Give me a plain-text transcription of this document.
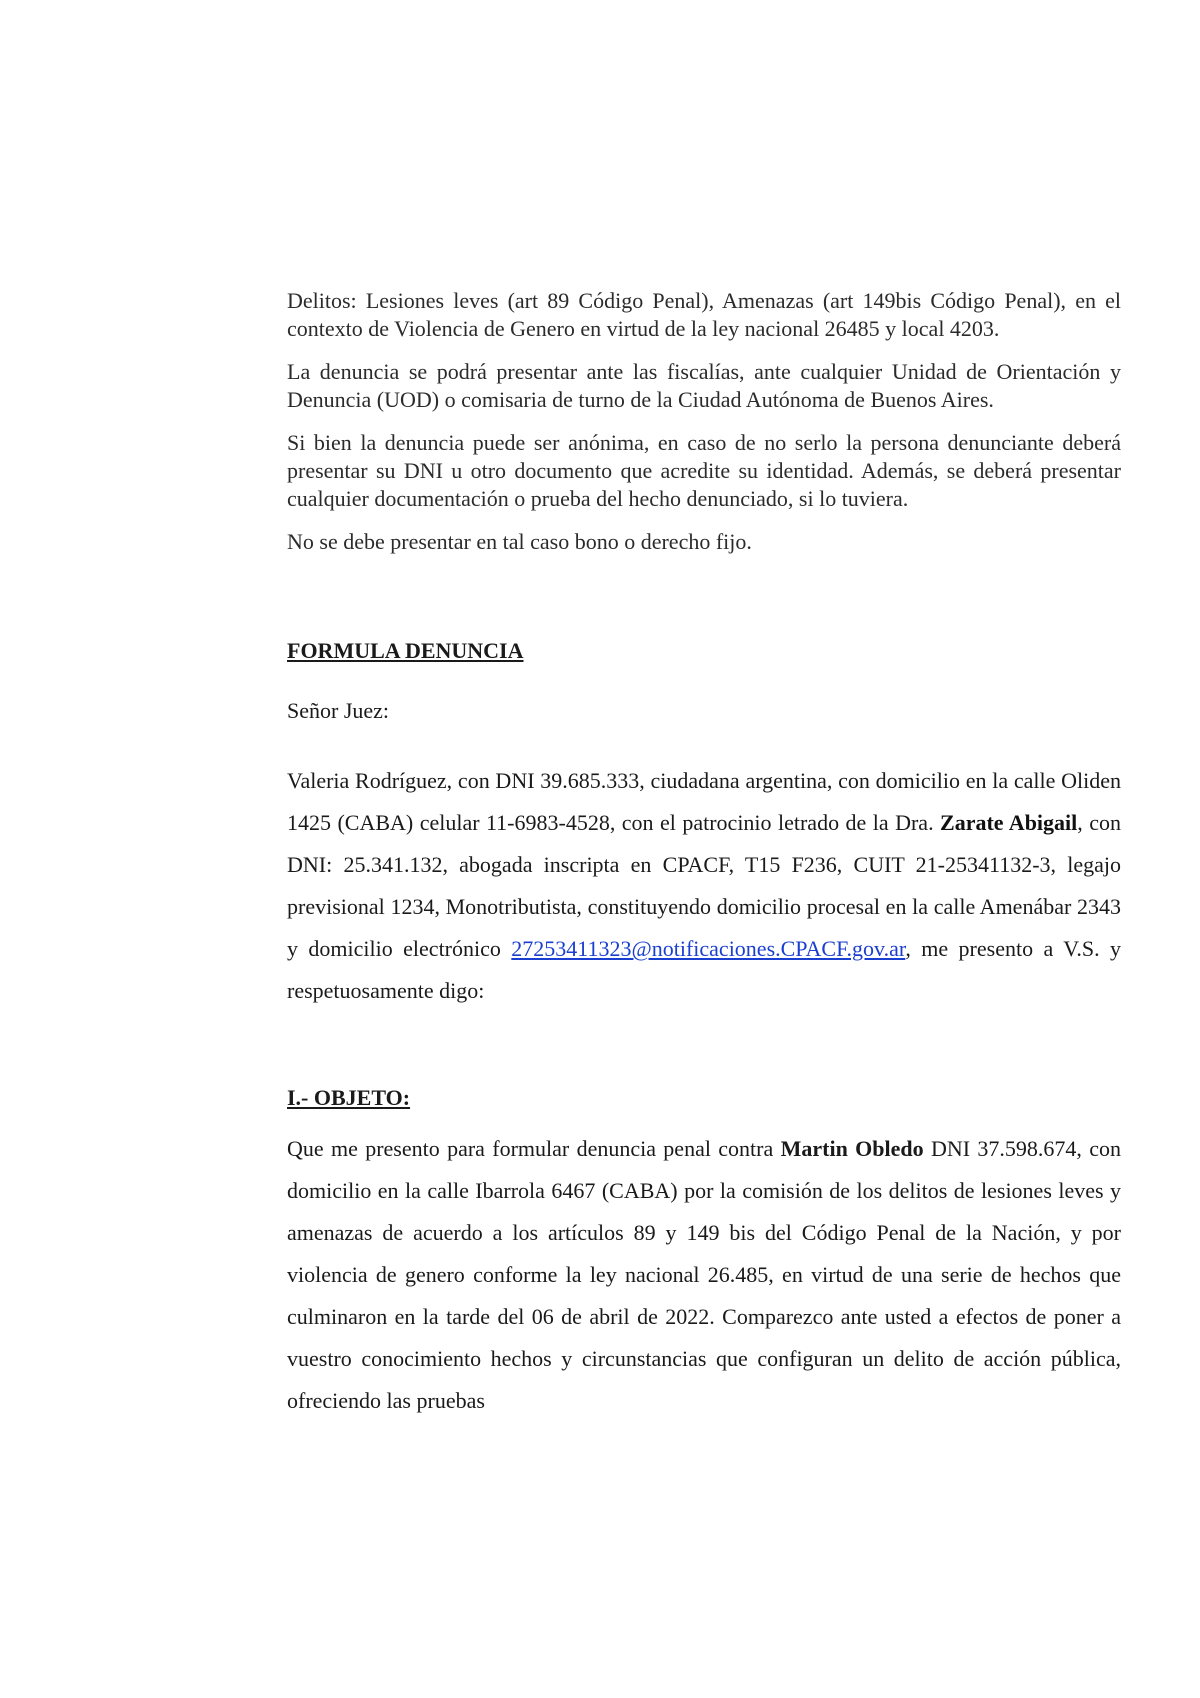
Delitos: Lesiones leves (art 89 Código Penal), Amenazas (art 149bis Código Penal), en el contexto de Violencia de Genero en virtud de la ley nacional 26485 y local 4203.

La denuncia se podrá presentar ante las fiscalías, ante cualquier Unidad de Orientación y Denuncia (UOD) o comisaria de turno de la Ciudad Autónoma de Buenos Aires.

Si bien la denuncia puede ser anónima, en caso de no serlo la persona denunciante deberá presentar su DNI u otro documento que acredite su identidad. Además, se deberá presentar cualquier documentación o prueba del hecho denunciado, si lo tuviera.

No se debe presentar en tal caso bono o derecho fijo.

FORMULA DENUNCIA

Señor Juez:

Valeria Rodríguez, con DNI 39.685.333, ciudadana argentina, con domicilio en la calle Oliden 1425 (CABA) celular 11-6983-4528, con el patrocinio letrado de la Dra. Zarate Abigail, con DNI: 25.341.132, abogada inscripta en CPACF, T15 F236, CUIT 21-25341132-3, legajo previsional 1234, Monotributista, constituyendo domicilio procesal en la calle Amenábar 2343 y domicilio electrónico 27253411323@notificaciones.CPACF.gov.ar, me presento a V.S. y respetuosamente digo:

I.- OBJETO:

Que me presento para formular denuncia penal contra Martin Obledo DNI 37.598.674, con domicilio en la calle Ibarrola 6467 (CABA) por la comisión de los delitos de lesiones leves y amenazas de acuerdo a los artículos 89 y 149 bis del Código Penal de la Nación, y por violencia de genero conforme la ley nacional 26.485, en virtud de una serie de hechos que culminaron en la tarde del 06 de abril de 2022. Comparezco ante usted a efectos de poner a vuestro conocimiento hechos y circunstancias que configuran un delito de acción pública, ofreciendo las pruebas
